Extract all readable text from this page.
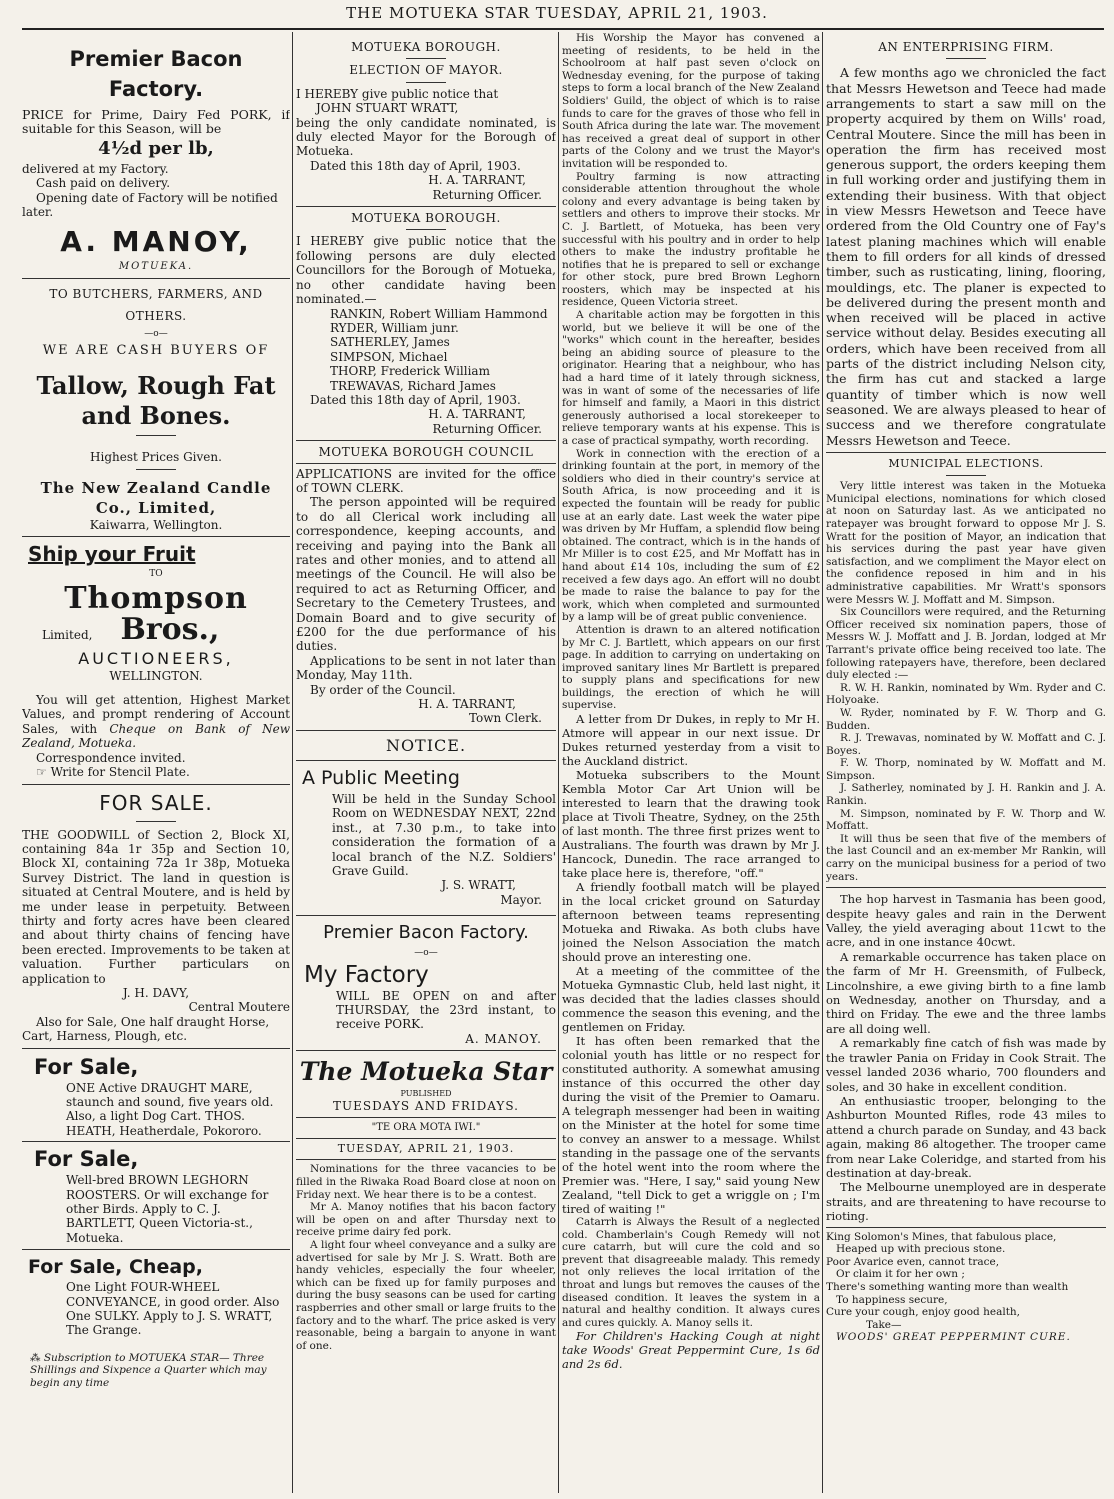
THE MOTUEKA STAR TUESDAY, APRIL 21, 1903.

Premier Bacon Factory.

PRICE for Prime, Dairy Fed PORK, if suitable for this Season, will be

4½d per lb,

delivered at my Factory.

Cash paid on delivery.

Opening date of Factory will be notified later.

A. MANOY,

MOTUEKA.

TO BUTCHERS, FARMERS, AND OTHERS.

—o—

WE ARE CASH BUYERS OF

Tallow, Rough Fat and Bones.

Highest Prices Given.

The New Zealand Candle Co., Limited,

Kaiwarra, Wellington.

Ship your Fruit

TO

Thompson

Limited, Bros.,

AUCTIONEERS,

WELLINGTON.

You will get attention, Highest Market Values, and prompt rendering of Account Sales, with Cheque on Bank of New Zealand, Motueka.

Correspondence invited.

☞ Write for Stencil Plate.

FOR SALE.

THE GOODWILL of Section 2, Block XI, containing 84a 1r 35p and Section 10, Block XI, containing 72a 1r 38p, Motueka Survey District. The land in question is situated at Central Moutere, and is held by me under lease in perpetuity. Between thirty and forty acres have been cleared and about thirty chains of fencing have been erected. Improvements to be taken at valuation. Further particulars on application to

J. H. DAVY,

Central Moutere

Also for Sale, One half draught Horse, Cart, Harness, Plough, etc.

For Sale,

ONE Active DRAUGHT MARE, staunch and sound, five years old. Also, a light Dog Cart. THOS. HEATH, Heatherdale, Pokororo.

For Sale,

Well-bred BROWN LEGHORN ROOSTERS. Or will exchange for other Birds. Apply to C. J. BARTLETT, Queen Victoria-st., Motueka.

For Sale, Cheap,

One Light FOUR-WHEEL CONVEYANCE, in good order. Also One SULKY. Apply to J. S. WRATT, The Grange.

⁂ Subscription to MOTUEKA STAR— Three Shillings and Sixpence a Quarter which may begin any time

MOTUEKA BOROUGH.

ELECTION OF MAYOR.

I HEREBY give public notice that

JOHN STUART WRATT,

being the only candidate nominated, is duly elected Mayor for the Borough of Motueka.

Dated this 18th day of April, 1903.

H. A. TARRANT,

Returning Officer.

MOTUEKA BOROUGH.

I HEREBY give public notice that the following persons are duly elected Councillors for the Borough of Motueka, no other candidate having been nominated.—

RANKIN, Robert William Hammond

RYDER, William junr.

SATHERLEY, James

SIMPSON, Michael

THORP, Frederick William

TREWAVAS, Richard James

Dated this 18th day of April, 1903.

H. A. TARRANT,

Returning Officer.

MOTUEKA BOROUGH COUNCIL

APPLICATIONS are invited for the office of TOWN CLERK.

The person appointed will be required to do all Clerical work including all correspondence, keeping accounts, and receiving and paying into the Bank all rates and other monies, and to attend all meetings of the Council. He will also be required to act as Returning Officer, and Secretary to the Cemetery Trustees, and Domain Board and to give security of £200 for the due performance of his duties.

Applications to be sent in not later than Monday, May 11th.

By order of the Council.

H. A. TARRANT,

Town Clerk.

NOTICE.

A Public Meeting

Will be held in the Sunday School Room on WEDNESDAY NEXT, 22nd inst., at 7.30 p.m., to take into consideration the formation of a local branch of the N.Z. Soldiers' Grave Guild.

J. S. WRATT,

Mayor.

Premier Bacon Factory.

—o—

My Factory

WILL BE OPEN on and after THURSDAY, the 23rd instant, to receive PORK.

A. MANOY.

The Motueka Star

PUBLISHED

TUESDAYS AND FRIDAYS.

"TE ORA MOTA IWI."

TUESDAY, APRIL 21, 1903.

Nominations for the three vacancies to be filled in the Riwaka Road Board close at noon on Friday next. We hear there is to be a contest.

Mr A. Manoy notifies that his bacon factory will be open on and after Thursday next to receive prime dairy fed pork.

A light four wheel conveyance and a sulky are advertised for sale by Mr J. S. Wratt. Both are handy vehicles, especially the four wheeler, which can be fixed up for family purposes and during the busy seasons can be used for carting raspberries and other small or large fruits to the factory and to the wharf. The price asked is very reasonable, being a bargain to anyone in want of one.

His Worship the Mayor has convened a meeting of residents, to be held in the Schoolroom at half past seven o'clock on Wednesday evening, for the purpose of taking steps to form a local branch of the New Zealand Soldiers' Guild, the object of which is to raise funds to care for the graves of those who fell in South Africa during the late war. The movement has received a great deal of support in other parts of the Colony and we trust the Mayor's invitation will be responded to.

Poultry farming is now attracting considerable attention throughout the whole colony and every advantage is being taken by settlers and others to improve their stocks. Mr C. J. Bartlett, of Motueka, has been very successful with his poultry and in order to help others to make the industry profitable he notifies that he is prepared to sell or exchange for other stock, pure bred Brown Leghorn roosters, which may be inspected at his residence, Queen Victoria street.

A charitable action may be forgotten in this world, but we believe it will be one of the "works" which count in the hereafter, besides being an abiding source of pleasure to the originator. Hearing that a neighbour, who has had a hard time of it lately through sickness, was in want of some of the necessaries of life for himself and family, a Maori in this district generously authorised a local storekeeper to relieve temporary wants at his expense. This is a case of practical sympathy, worth recording.

Work in connection with the erection of a drinking fountain at the port, in memory of the soldiers who died in their country's service at South Africa, is now proceeding and it is expected the fountain will be ready for public use at an early date. Last week the water pipe was driven by Mr Huffam, a splendid flow being obtained. The contract, which is in the hands of Mr Miller is to cost £25, and Mr Moffatt has in hand about £14 10s, including the sum of £2 received a few days ago. An effort will no doubt be made to raise the balance to pay for the work, which when completed and surmounted by a lamp will be of great public convenience.

Attention is drawn to an altered notification by Mr C. J. Bartlett, which appears on our first page. In addition to carrying on undertaking on improved sanitary lines Mr Bartlett is prepared to supply plans and specifications for new buildings, the erection of which he will supervise.

A letter from Dr Dukes, in reply to Mr H. Atmore will appear in our next issue. Dr Dukes returned yesterday from a visit to the Auckland district.

Motueka subscribers to the Mount Kembla Motor Car Art Union will be interested to learn that the drawing took place at Tivoli Theatre, Sydney, on the 25th of last month. The three first prizes went to Australians. The fourth was drawn by Mr J. Hancock, Dunedin. The race arranged to take place here is, therefore, "off."

A friendly football match will be played in the local cricket ground on Saturday afternoon between teams representing Motueka and Riwaka. As both clubs have joined the Nelson Association the match should prove an interesting one.

At a meeting of the committee of the Motueka Gymnastic Club, held last night, it was decided that the ladies classes should commence the season this evening, and the gentlemen on Friday.

It has often been remarked that the colonial youth has little or no respect for constituted authority. A somewhat amusing instance of this occurred the other day during the visit of the Premier to Oamaru. A telegraph messenger had been in waiting on the Minister at the hotel for some time to convey an answer to a message. Whilst standing in the passage one of the servants of the hotel went into the room where the Premier was. "Here, I say," said young New Zealand, "tell Dick to get a wriggle on ; I'm tired of waiting !"

Catarrh is Always the Result of a neglected cold. Chamberlain's Cough Remedy will not cure catarrh, but will cure the cold and so prevent that disagreeable malady. This remedy not only relieves the local irritation of the throat and lungs but removes the causes of the diseased condition. It leaves the system in a natural and healthy condition. It always cures and cures quickly. A. Manoy sells it.

For Children's Hacking Cough at night take Woods' Great Peppermint Cure, 1s 6d and 2s 6d.

AN ENTERPRISING FIRM.

A few months ago we chronicled the fact that Messrs Hewetson and Teece had made arrangements to start a saw mill on the property acquired by them on Wills' road, Central Moutere. Since the mill has been in operation the firm has received most generous support, the orders keeping them in full working order and justifying them in extending their business. With that object in view Messrs Hewetson and Teece have ordered from the Old Country one of Fay's latest planing machines which will enable them to fill orders for all kinds of dressed timber, such as rusticating, lining, flooring, mouldings, etc. The planer is expected to be delivered during the present month and when received will be placed in active service without delay. Besides executing all orders, which have been received from all parts of the district including Nelson city, the firm has cut and stacked a large quantity of timber which is now well seasoned. We are always pleased to hear of success and we therefore congratulate Messrs Hewetson and Teece.

MUNICIPAL ELECTIONS.

Very little interest was taken in the Motueka Municipal elections, nominations for which closed at noon on Saturday last. As we anticipated no ratepayer was brought forward to oppose Mr J. S. Wratt for the position of Mayor, an indication that his services during the past year have given satisfaction, and we compliment the Mayor elect on the confidence reposed in him and in his administrative capabilities. Mr Wratt's sponsors were Messrs W. J. Moffatt and M. Simpson.

Six Councillors were required, and the Returning Officer received six nomination papers, those of Messrs W. J. Moffatt and J. B. Jordan, lodged at Mr Tarrant's private office being received too late. The following ratepayers have, therefore, been declared duly elected :—

R. W. H. Rankin, nominated by Wm. Ryder and C. Holyoake.

W. Ryder, nominated by F. W. Thorp and G. Budden.

R. J. Trewavas, nominated by W. Moffatt and C. J. Boyes.

F. W. Thorp, nominated by W. Moffatt and M. Simpson.

J. Satherley, nominated by J. H. Rankin and J. A. Rankin.

M. Simpson, nominated by F. W. Thorp and W. Moffatt.

It will thus be seen that five of the members of the last Council and an ex-member Mr Rankin, will carry on the municipal business for a period of two years.

The hop harvest in Tasmania has been good, despite heavy gales and rain in the Derwent Valley, the yield averaging about 11cwt to the acre, and in one instance 40cwt.

A remarkable occurrence has taken place on the farm of Mr H. Greensmith, of Fulbeck, Lincolnshire, a ewe giving birth to a fine lamb on Wednesday, another on Thursday, and a third on Friday. The ewe and the three lambs are all doing well.

A remarkably fine catch of fish was made by the trawler Pania on Friday in Cook Strait. The vessel landed 2036 whario, 700 flounders and soles, and 30 hake in excellent condition.

An enthusiastic trooper, belonging to the Ashburton Mounted Rifles, rode 43 miles to attend a church parade on Sunday, and 43 back again, making 86 altogether. The trooper came from near Lake Coleridge, and started from his destination at day-break.

The Melbourne unemployed are in desperate straits, and are threatening to have recourse to rioting.

King Solomon's Mines, that fabulous place,

Heaped up with precious stone.

Poor Avarice even, cannot trace,

Or claim it for her own ;

There's something wanting more than wealth

To happiness secure,

Cure your cough, enjoy good health,

Take—

WOODS' GREAT PEPPERMINT CURE.
